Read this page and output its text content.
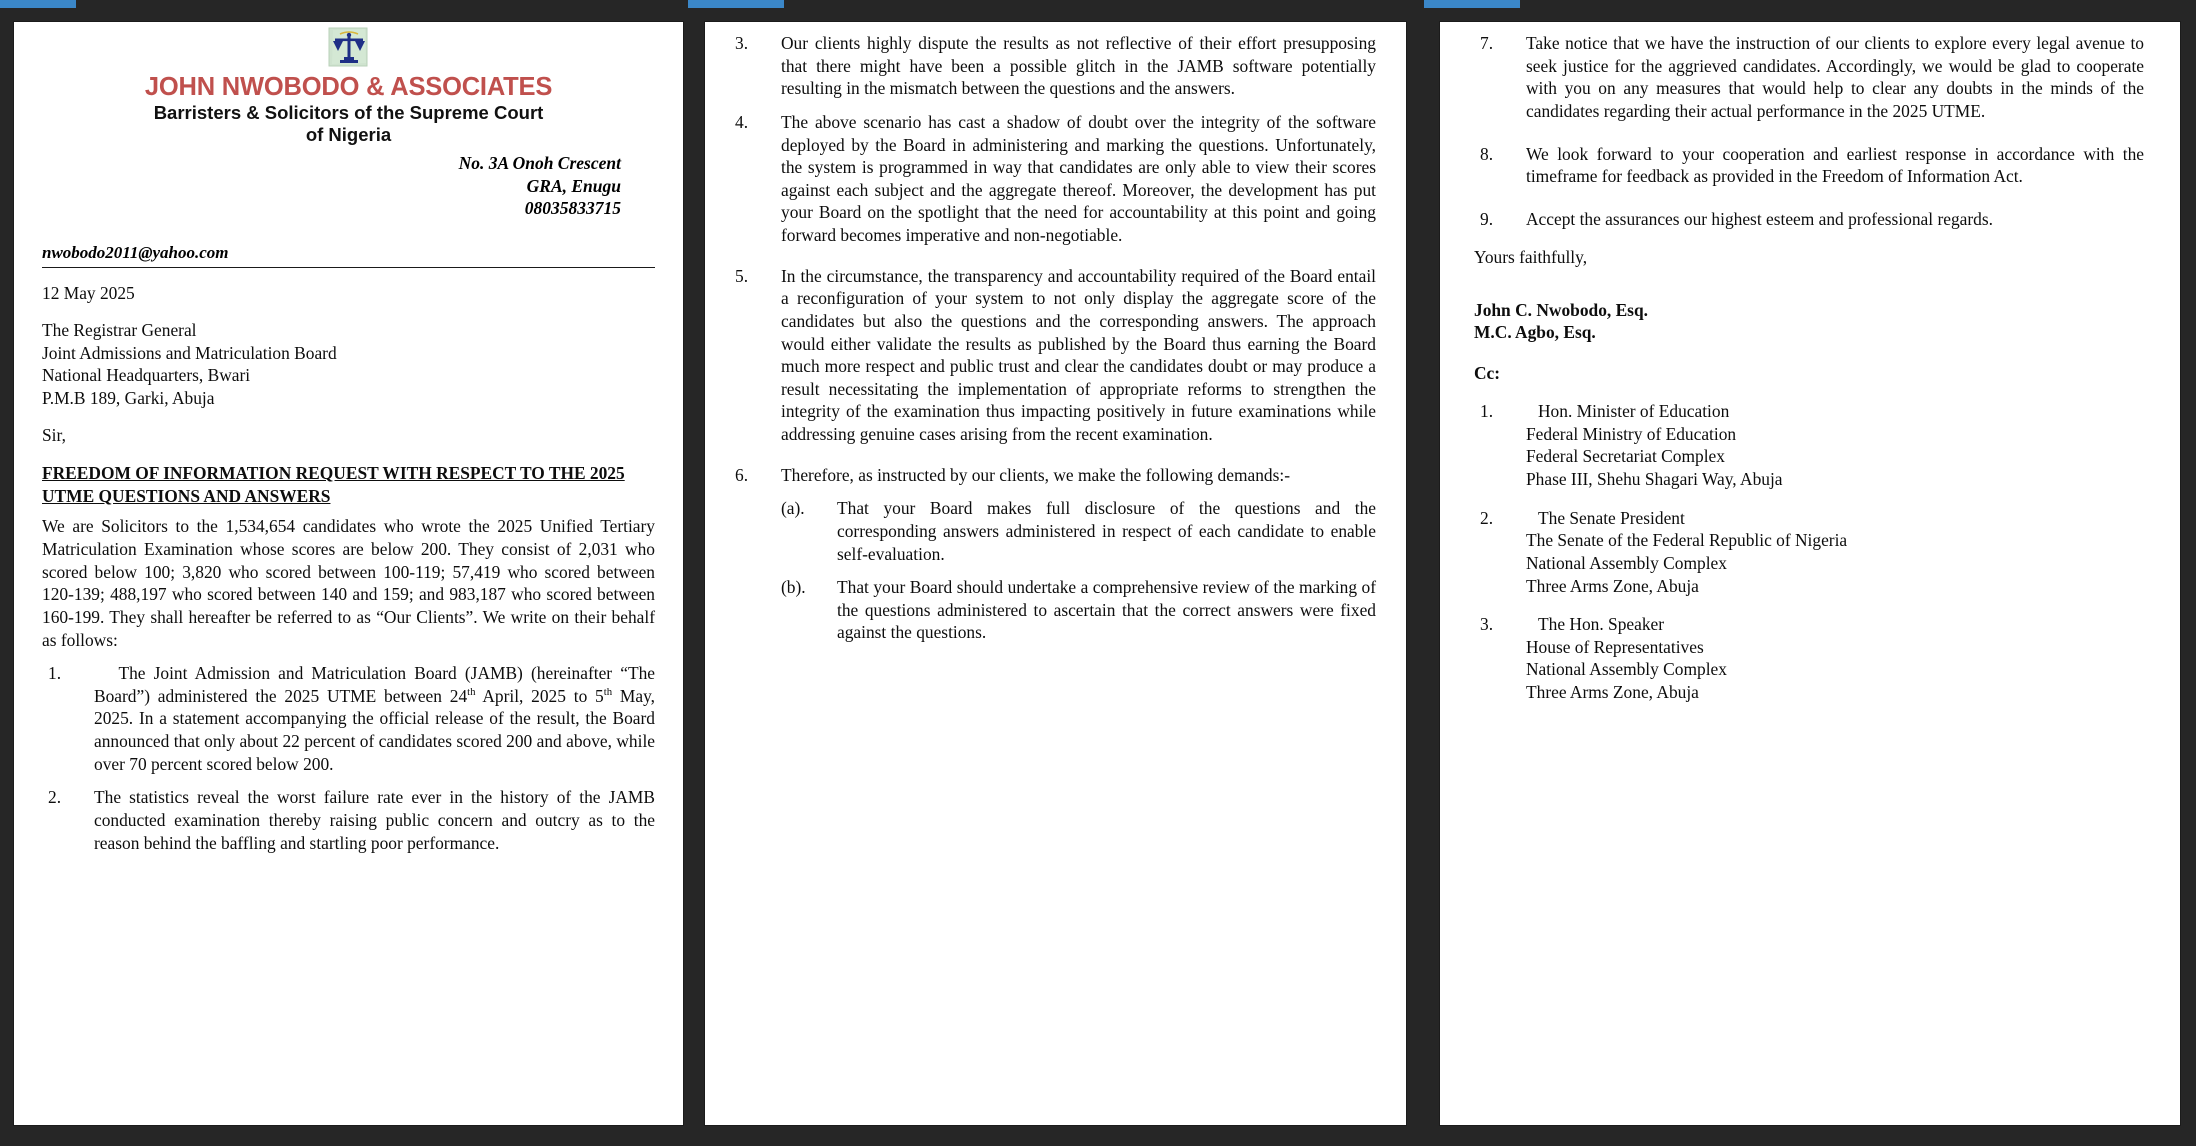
JOHN NWOBODO & ASSOCIATES
Barristers & Solicitors of the Supreme Court
of Nigeria
No. 3A Onoh Crescent
GRA, Enugu
08035833715
nwobodo2011@yahoo.com
12 May 2025
The Registrar General
Joint Admissions and Matriculation Board
National Headquarters, Bwari
P.M.B 189, Garki, Abuja
Sir,
FREEDOM OF INFORMATION REQUEST WITH RESPECT TO THE 2025 UTME QUESTIONS AND ANSWERS
We are Solicitors to the 1,534,654 candidates who wrote the 2025 Unified Tertiary Matriculation Examination whose scores are below 200. They consist of 2,031 who scored below 100; 3,820 who scored between 100-119; 57,419 who scored between 120-139; 488,197 who scored between 140 and 159; and 983,187 who scored between 160-199. They shall hereafter be referred to as “Our Clients”. We write on their behalf as follows:
1.	The Joint Admission and Matriculation Board (JAMB) (hereinafter “The Board”) administered the 2025 UTME between 24th April, 2025 to 5th May, 2025. In a statement accompanying the official release of the result, the Board announced that only about 22 percent of candidates scored 200 and above, while over 70 percent scored below 200.
2. The statistics reveal the worst failure rate ever in the history of the JAMB conducted examination thereby raising public concern and outcry as to the reason behind the baffling and startling poor performance.
3. Our clients highly dispute the results as not reflective of their effort presupposing that there might have been a possible glitch in the JAMB software potentially resulting in the mismatch between the questions and the answers.
4. The above scenario has cast a shadow of doubt over the integrity of the software deployed by the Board in administering and marking the questions. Unfortunately, the system is programmed in way that candidates are only able to view their scores against each subject and the aggregate thereof. Moreover, the development has put your Board on the spotlight that the need for accountability at this point and going forward becomes imperative and non-negotiable.
5. In the circumstance, the transparency and accountability required of the Board entail a reconfiguration of your system to not only display the aggregate score of the candidates but also the questions and the corresponding answers. The approach would either validate the results as published by the Board thus earning the Board much more respect and public trust and clear the candidates doubt or may produce a result necessitating the implementation of appropriate reforms to strengthen the integrity of the examination thus impacting positively in future examinations while addressing genuine cases arising from the recent examination.
6. Therefore, as instructed by our clients, we make the following demands:-
(a). That your Board makes full disclosure of the questions and the corresponding answers administered in respect of each candidate to enable self-evaluation.
(b). That your Board should undertake a comprehensive review of the marking of the questions administered to ascertain that the correct answers were fixed against the questions.
7. Take notice that we have the instruction of our clients to explore every legal avenue to seek justice for the aggrieved candidates. Accordingly, we would be glad to cooperate with you on any measures that would help to clear any doubts in the minds of the candidates regarding their actual performance in the 2025 UTME.
8. We look forward to your cooperation and earliest response in accordance with the timeframe for feedback as provided in the Freedom of Information Act.
9. Accept the assurances our highest esteem and professional regards.
Yours faithfully,
John C. Nwobodo, Esq.
M.C. Agbo, Esq.
Cc:
1.	Hon. Minister of Education
Federal Ministry of Education
Federal Secretariat Complex
Phase III, Shehu Shagari Way, Abuja
2.	The Senate President
The Senate of the Federal Republic of Nigeria
National Assembly Complex
Three Arms Zone, Abuja
3.	The Hon. Speaker
House of Representatives
National Assembly Complex
Three Arms Zone, Abuja
